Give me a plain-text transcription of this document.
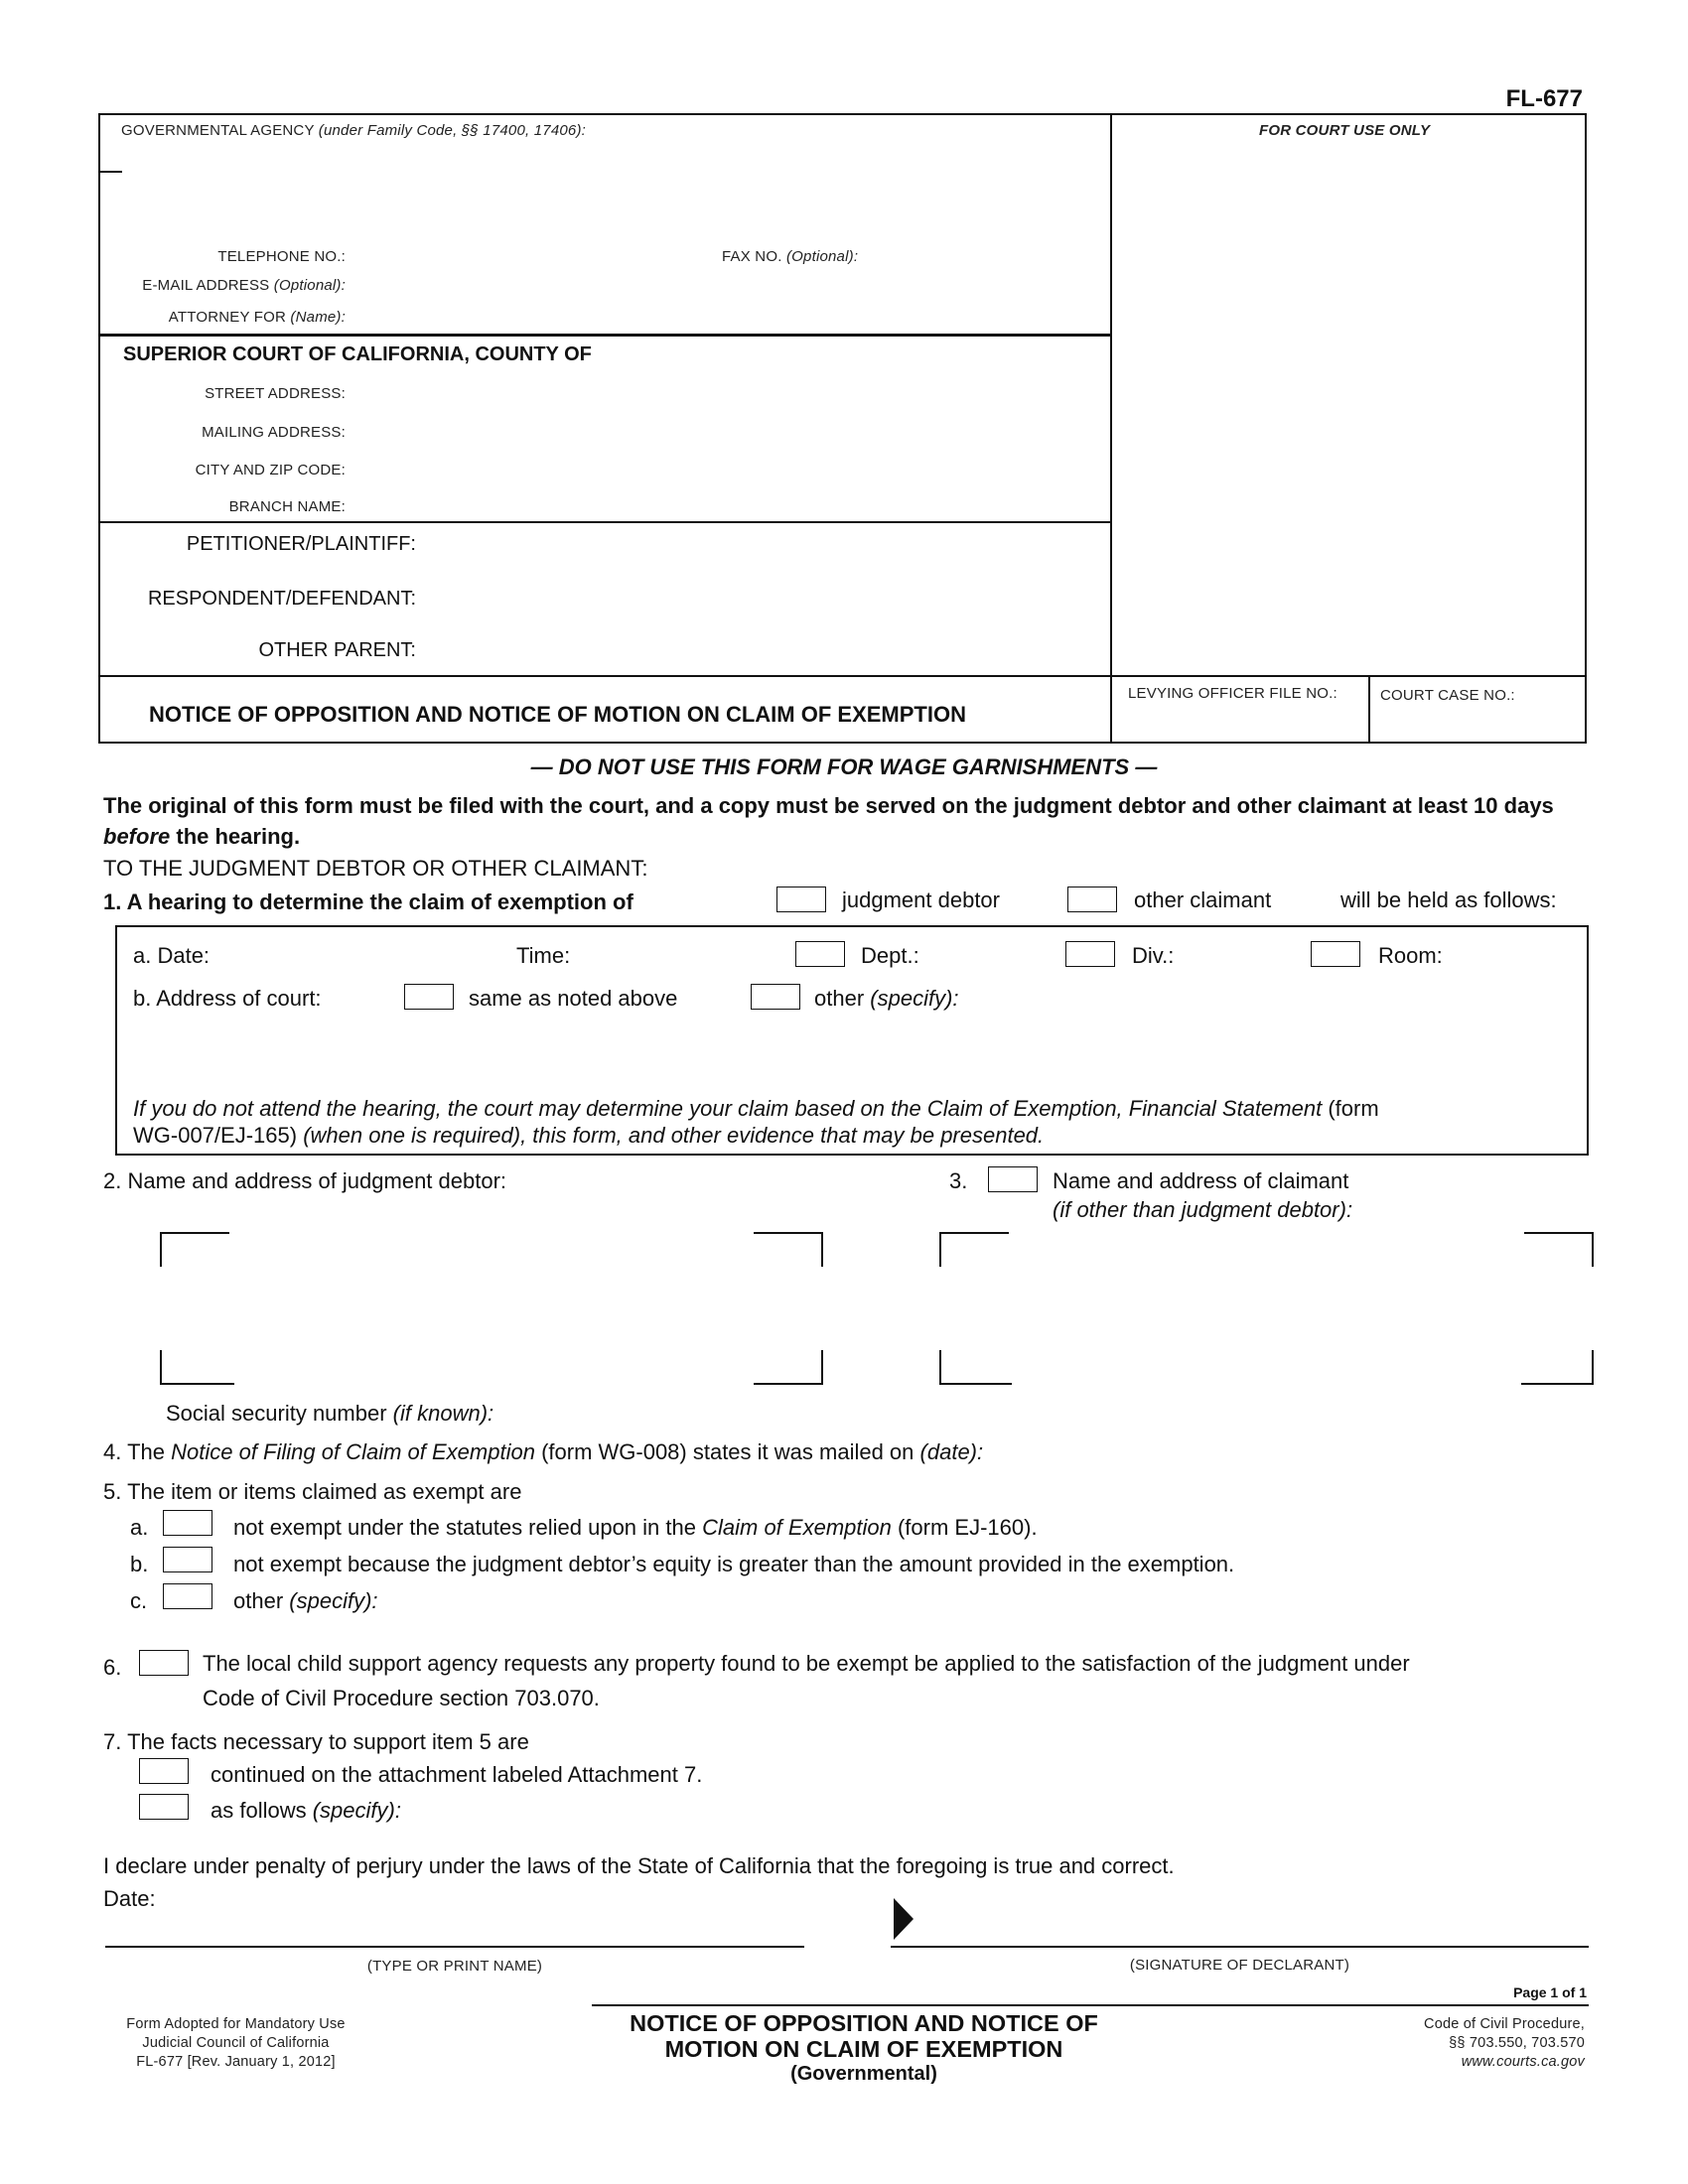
FL-677
GOVERNMENTAL AGENCY (under Family Code, §§ 17400, 17406):	FOR COURT USE ONLY
TELEPHONE NO.:	FAX NO. (Optional):
E-MAIL ADDRESS (Optional):
ATTORNEY FOR (Name):
SUPERIOR COURT OF CALIFORNIA, COUNTY OF
STREET ADDRESS:
MAILING ADDRESS:
CITY AND ZIP CODE:
BRANCH NAME:
PETITIONER/PLAINTIFF:
RESPONDENT/DEFENDANT:
OTHER PARENT:
NOTICE OF OPPOSITION AND NOTICE OF MOTION ON CLAIM OF EXEMPTION
LEVYING OFFICER FILE NO.:	COURT CASE NO.:
— DO NOT USE THIS FORM FOR WAGE GARNISHMENTS —
The original of this form must be filed with the court, and a copy must be served on the judgment debtor and other claimant at least 10 days before the hearing.
TO THE JUDGMENT DEBTOR OR OTHER CLAIMANT:
1. A hearing to determine the claim of exemption of	judgment debtor	other claimant	will be held as follows:
a. Date:	Time:	Dept.:	Div.:	Room:
b. Address of court:	same as noted above	other (specify):
If you do not attend the hearing, the court may determine your claim based on the Claim of Exemption, Financial Statement (form
WG-007/EJ-165) (when one is required), this form, and other evidence that may be presented.
2. Name and address of judgment debtor:	3.	Name and address of claimant
(if other than judgment debtor):
Social security number (if known):
4. The Notice of Filing of Claim of Exemption (form WG-008) states it was mailed on (date):
5. The item or items claimed as exempt are
a.	not exempt under the statutes relied upon in the Claim of Exemption (form EJ-160).
b.	not exempt because the judgment debtor’s equity is greater than the amount provided in the exemption.
c.	other (specify):
6.	The local child support agency requests any property found to be exempt be applied to the satisfaction of the judgment under
Code of Civil Procedure section 703.070.
7. The facts necessary to support item 5 are
continued on the attachment labeled Attachment 7.
as follows (specify):
I declare under penalty of perjury under the laws of the State of California that the foregoing is true and correct.
Date:
(TYPE OR PRINT NAME)	(SIGNATURE OF DECLARANT)
Page 1 of 1
Form Adopted for Mandatory Use
Judicial Council of California
FL-677 [Rev. January 1, 2012]
NOTICE OF OPPOSITION AND NOTICE OF
MOTION ON CLAIM OF EXEMPTION
(Governmental)
Code of Civil Procedure,
§§ 703.550, 703.570
www.courts.ca.gov
